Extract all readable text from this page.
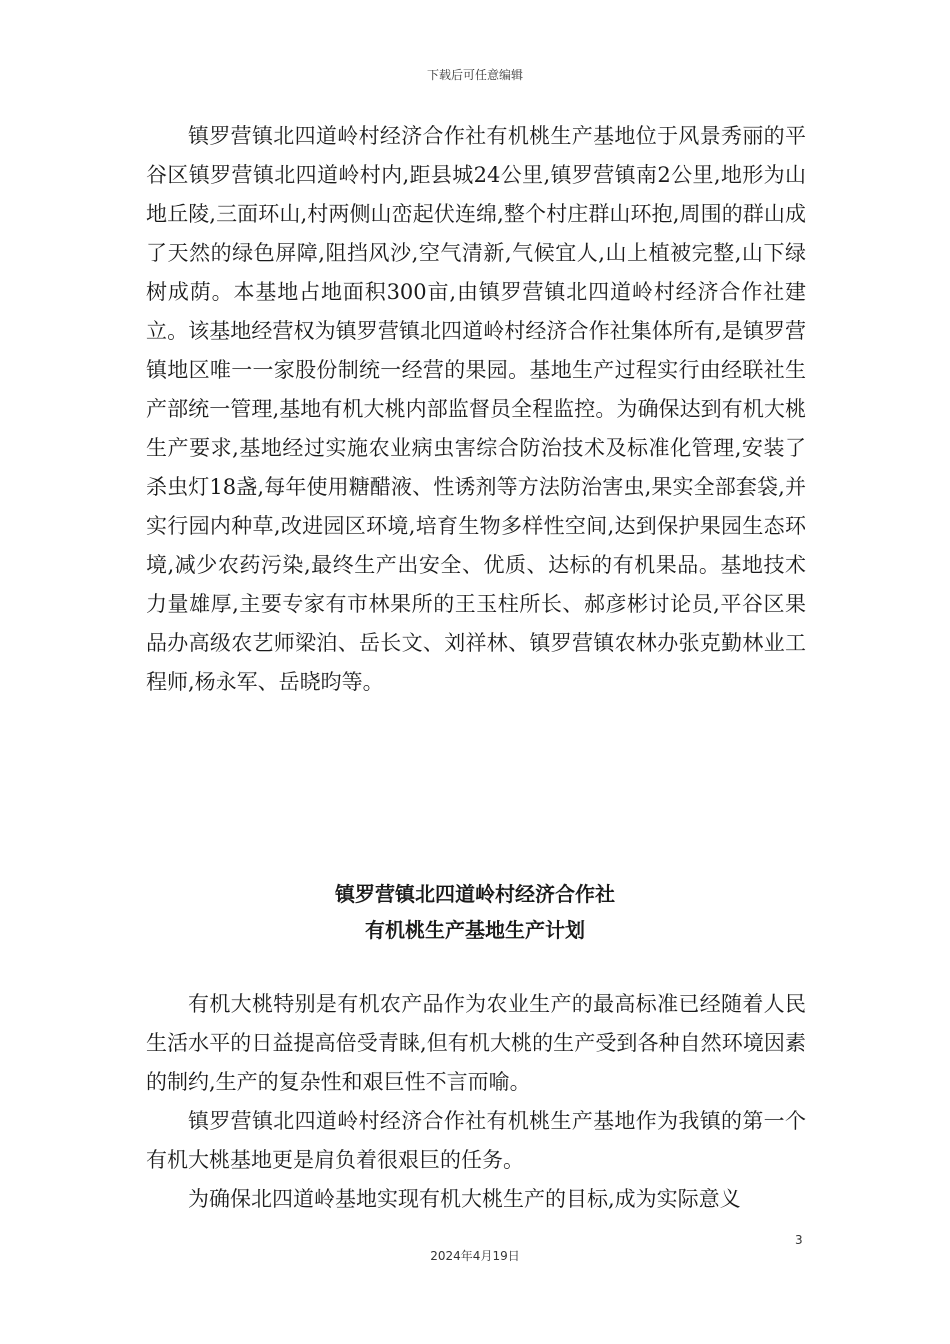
下载后可任意编辑

镇罗营镇北四道岭村经济合作社有机桃生产基地位于风景秀丽的平谷区镇罗营镇北四道岭村内,距县城24公里,镇罗营镇南2公里,地形为山地丘陵,三面环山,村两侧山峦起伏连绵,整个村庄群山环抱,周围的群山成了天然的绿色屏障,阻挡风沙,空气清新,气候宜人,山上植被完整,山下绿树成荫。本基地占地面积300亩,由镇罗营镇北四道岭村经济合作社建立。该基地经营权为镇罗营镇北四道岭村经济合作社集体所有,是镇罗营镇地区唯一一家股份制统一经营的果园。基地生产过程实行由经联社生产部统一管理,基地有机大桃内部监督员全程监控。为确保达到有机大桃生产要求,基地经过实施农业病虫害综合防治技术及标准化管理,安装了杀虫灯18盏,每年使用糖醋液、性诱剂等方法防治害虫,果实全部套袋,并实行园内种草,改进园区环境,培育生物多样性空间,达到保护果园生态环境,减少农药污染,最终生产出安全、优质、达标的有机果品。基地技术力量雄厚,主要专家有市林果所的王玉柱所长、郝彦彬讨论员,平谷区果品办高级农艺师梁泊、岳长文、刘祥林、镇罗营镇农林办张克勤林业工程师,杨永军、岳晓昀等。

镇罗营镇北四道岭村经济合作社
有机桃生产基地生产计划

有机大桃特别是有机农产品作为农业生产的最高标准已经随着人民生活水平的日益提高倍受青睐,但有机大桃的生产受到各种自然环境因素的制约,生产的复杂性和艰巨性不言而喻。

镇罗营镇北四道岭村经济合作社有机桃生产基地作为我镇的第一个有机大桃基地更是肩负着很艰巨的任务。

为确保北四道岭基地实现有机大桃生产的目标,成为实际意义

3
2024年4月19日
